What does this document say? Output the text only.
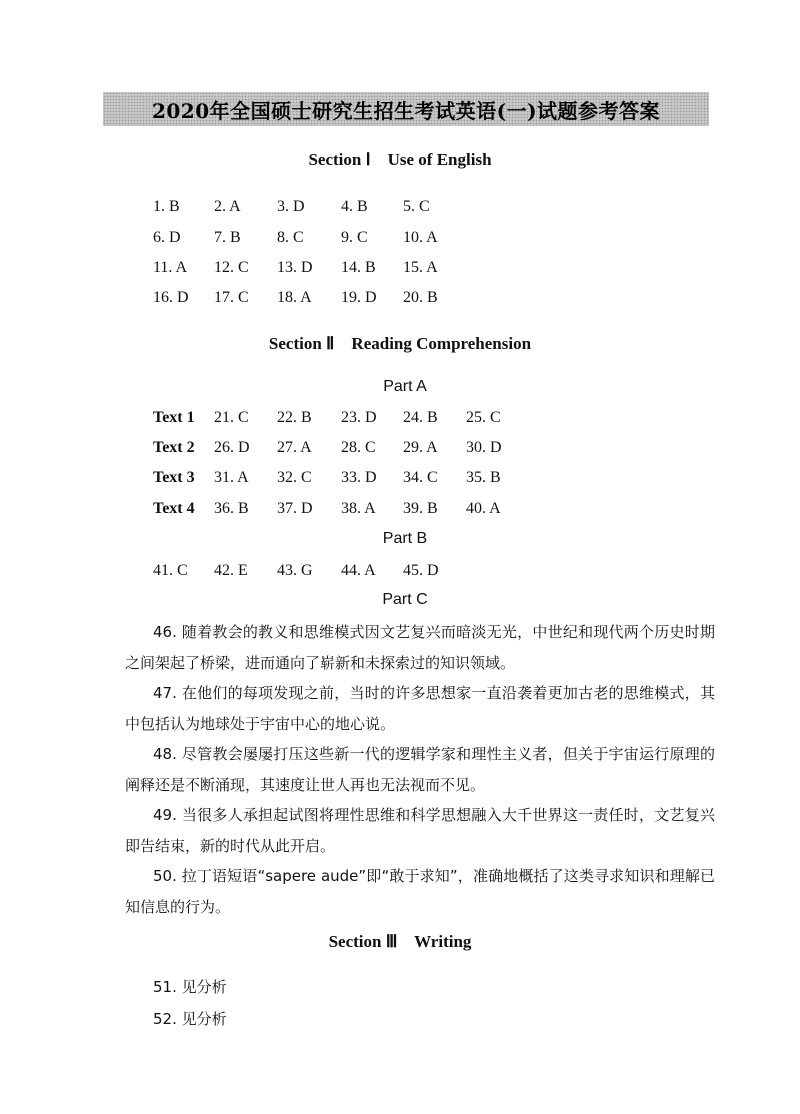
2020年全国硕士研究生招生考试英语(一)试题参考答案
Section Ⅰ    Use of English
1. B 2. A 3. D 4. B 5. C
6. D 7. B 8. C 9. C 10. A
11. A 12. C 13. D 14. B 15. A
16. D 17. C 18. A 19. D 20. B
Section Ⅱ    Reading Comprehension
Part A
Text 1 21. C 22. B 23. D 24. B 25. C
Text 2 26. D 27. A 28. C 29. A 30. D
Text 3 31. A 32. C 33. D 34. C 35. B
Text 4 36. B 37. D 38. A 39. B 40. A
Part B
41. C 42. E 43. G 44. A 45. D
Part C

46. 随着教会的教义和思维模式因文艺复兴而暗淡无光，中世纪和现代两个历史时期之间架起了桥梁，进而通向了崭新和未探索过的知识领域。

47. 在他们的每项发现之前，当时的许多思想家一直沿袭着更加古老的思维模式，其中包括认为地球处于宇宙中心的地心说。

48. 尽管教会屡屡打压这些新一代的逻辑学家和理性主义者，但关于宇宙运行原理的阐释还是不断涌现，其速度让世人再也无法视而不见。

49. 当很多人承担起试图将理性思维和科学思想融入大千世界这一责任时，文艺复兴即告结束，新的时代从此开启。

50. 拉丁语短语“sapere aude”即“敢于求知”，准确地概括了这类寻求知识和理解已知信息的行为。

Section Ⅲ    Writing
51. 见分析
52. 见分析
